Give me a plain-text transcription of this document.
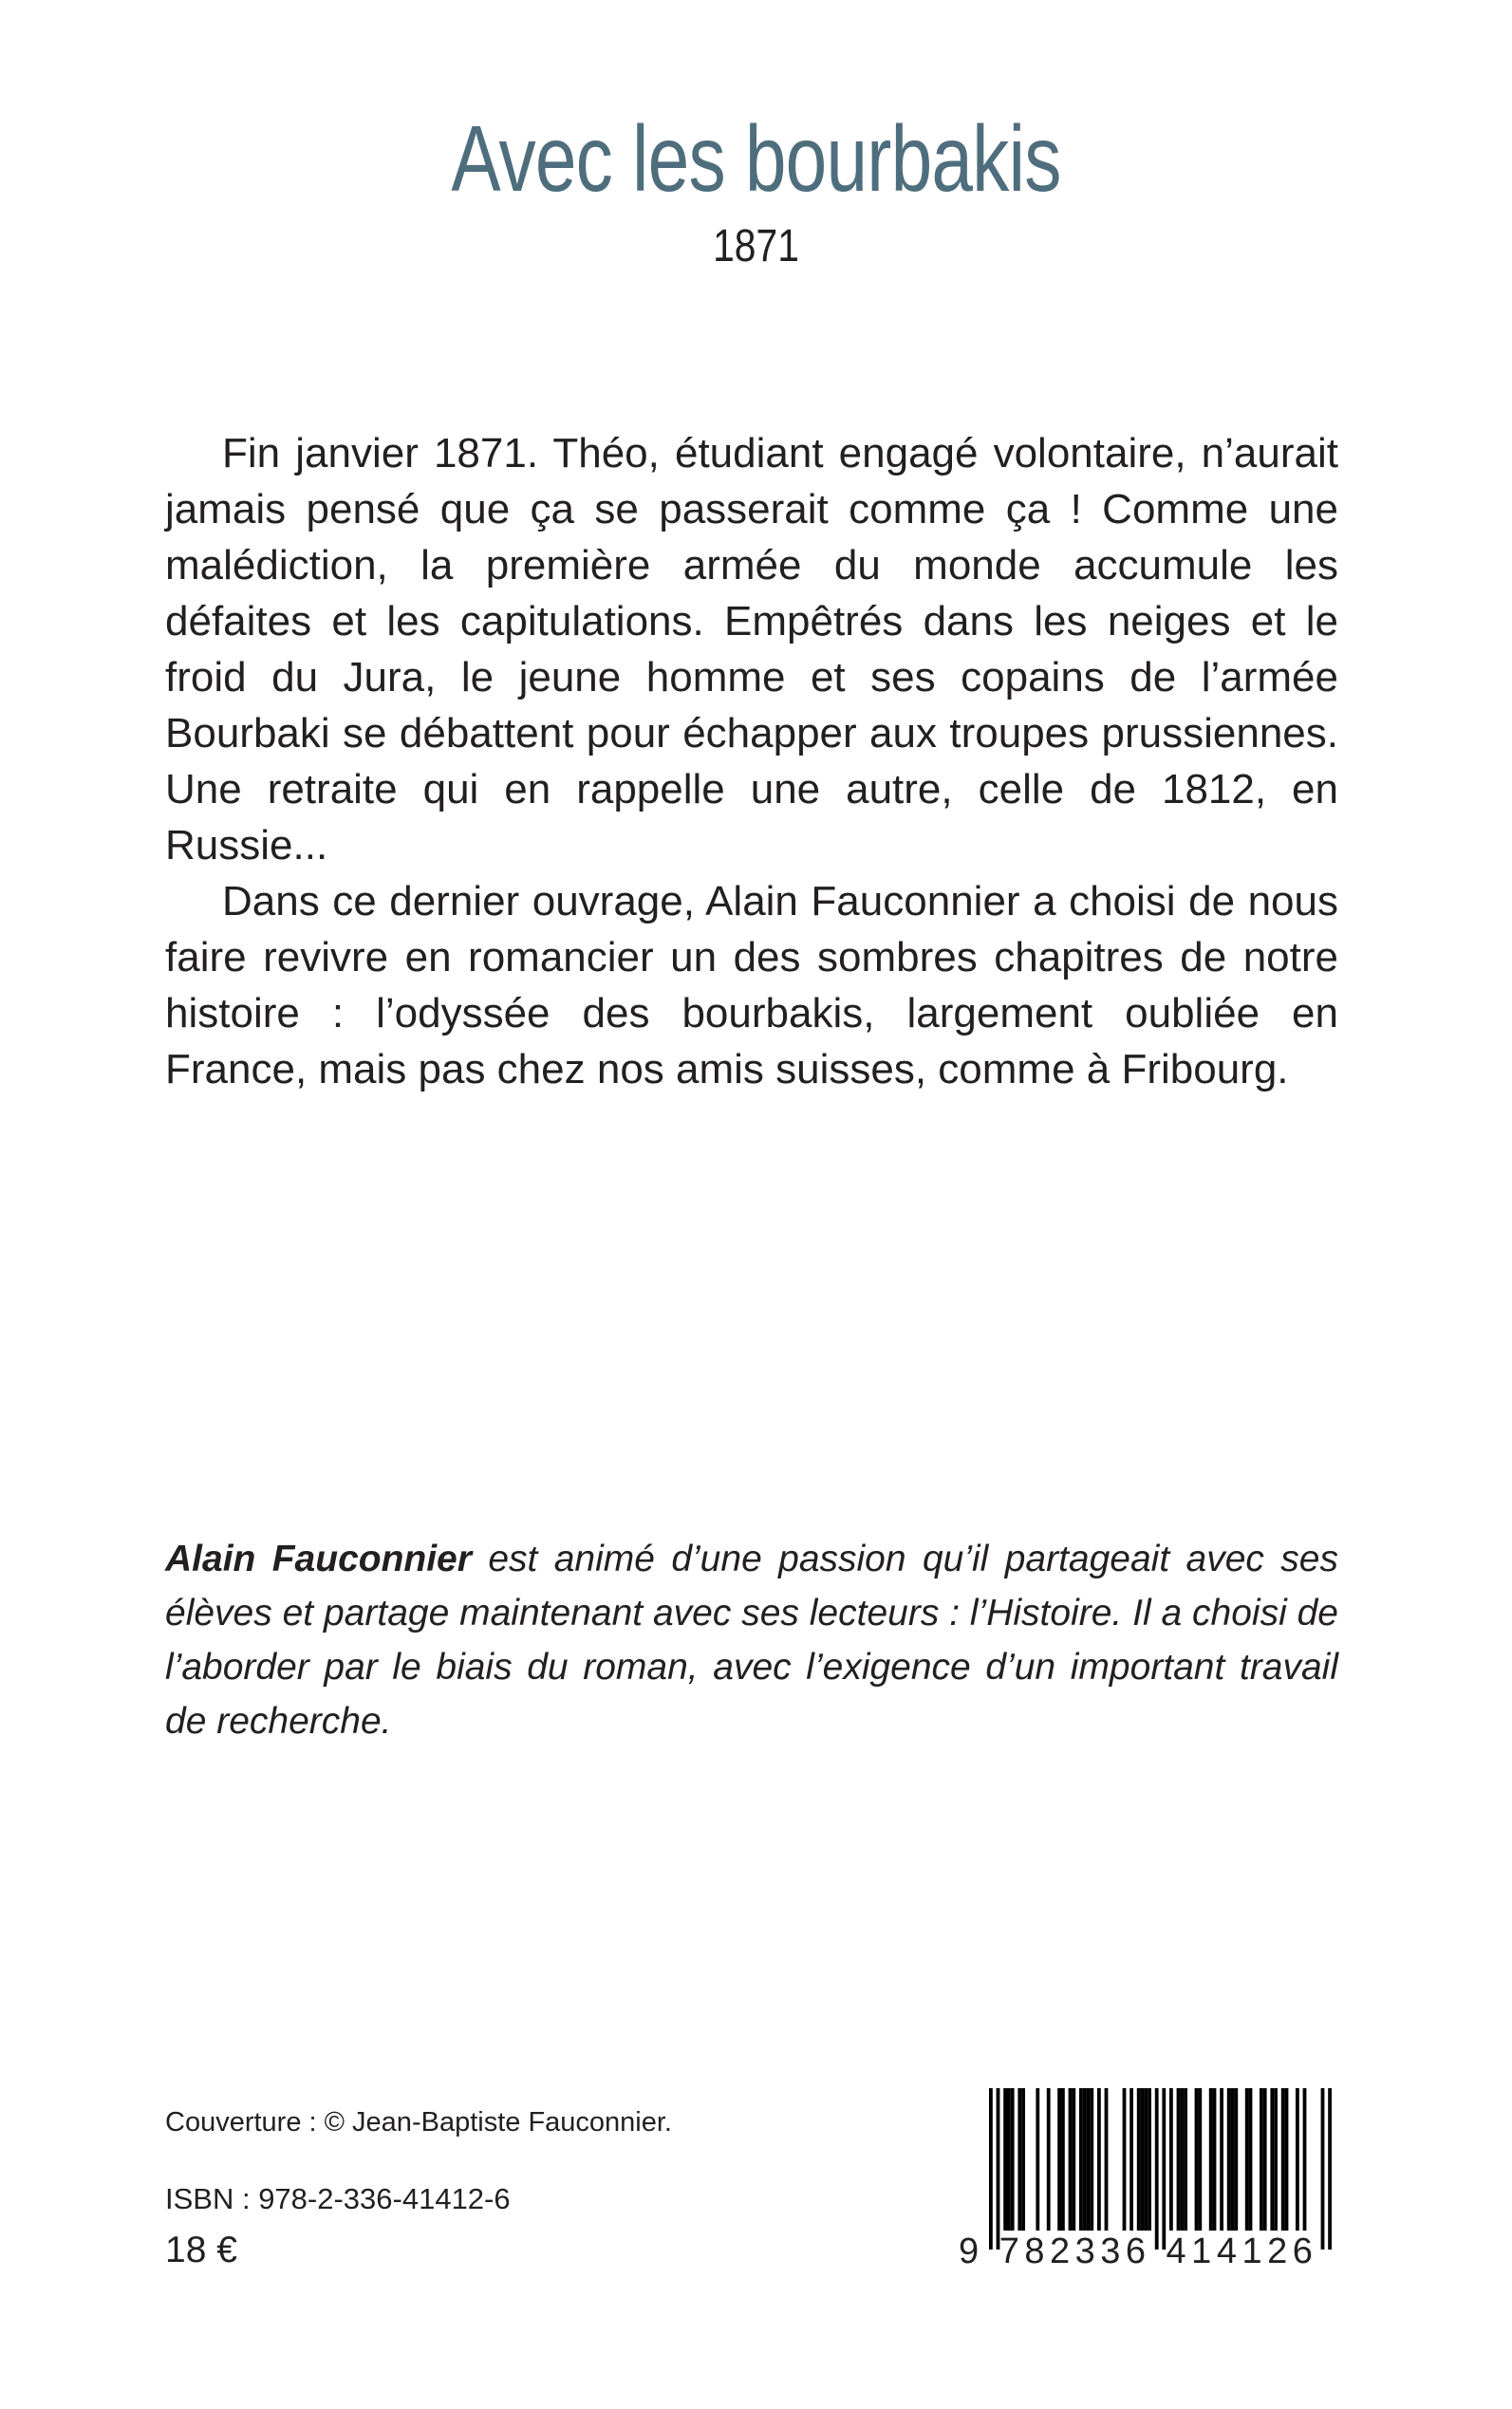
Avec les bourbakis
1871

Fin janvier 1871. Théo, étudiant engagé volontaire, n’aurait jamais pensé que ça se passerait comme ça ! Comme une malédiction, la première armée du monde accumule les défaites et les capitulations. Empêtrés dans les neiges et le froid du Jura, le jeune homme et ses copains de l’armée Bourbaki se débattent pour échapper aux troupes prussiennes. Une retraite qui en rappelle une autre, celle de 1812, en Russie...

Dans ce dernier ouvrage, Alain Fauconnier a choisi de nous faire revivre en romancier un des sombres chapitres de notre histoire : l’odyssée des bourbakis, largement oubliée en France, mais pas chez nos amis suisses, comme à Fribourg.

Alain Fauconnier est animé d’une passion qu’il partageait avec ses élèves et partage maintenant avec ses lecteurs : l’Histoire. Il a choisi de l’aborder par le biais du roman, avec l’exigence d’un important travail de recherche.

Couverture : © Jean-Baptiste Fauconnier.
ISBN : 978-2-336-41412-6
18 €	9 782336 414126
